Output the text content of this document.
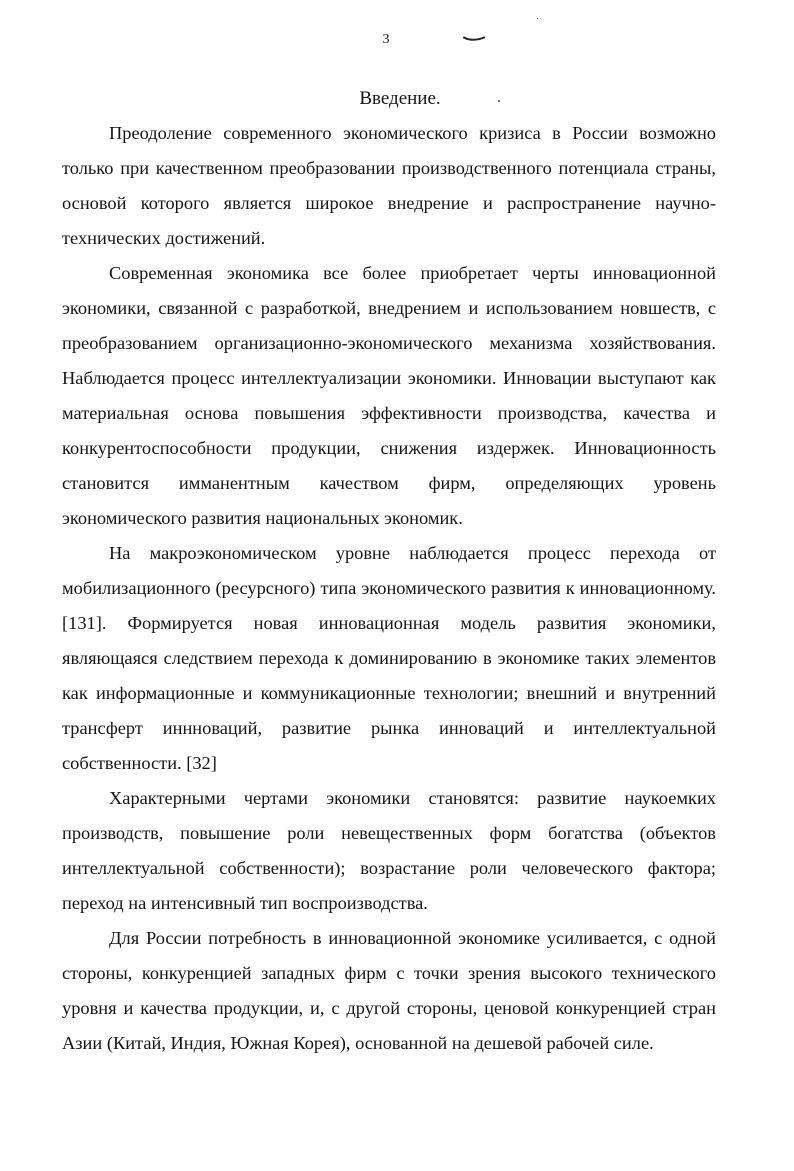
3
Введение.

Преодоление современного экономического кризиса в России возможно только при качественном преобразовании производственного потенциала страны, основой которого является широкое внедрение и распространение научно-технических достижений.

Современная экономика все более приобретает черты инновационной экономики, связанной с разработкой, внедрением и использованием новшеств, с преобразованием организационно-экономического механизма хозяйствования. Наблюдается процесс интеллектуализации экономики. Инновации выступают как материальная основа повышения эффективности производства, качества и конкурентоспособности продукции, снижения издержек. Инновационность становится имманентным качеством фирм, определяющих уровень экономического развития национальных экономик.

На макроэкономическом уровне наблюдается процесс перехода от мобилизационного (ресурсного) типа экономического развития к инновационному.[131]. Формируется новая инновационная модель развития экономики, являющаяся следствием перехода к доминированию в экономике таких элементов как информационные и коммуникационные технологии; внешний и внутренний трансферт иннноваций, развитие рынка инноваций и интеллектуальной собственности. [32]

Характерными чертами экономики становятся: развитие наукоемких производств, повышение роли невещественных форм богатства (объектов интеллектуальной собственности); возрастание роли человеческого фактора; переход на интенсивный тип воспроизводства.

Для России потребность в инновационной экономике усиливается, с одной стороны, конкуренцией западных фирм с точки зрения высокого технического уровня и качества продукции, и, с другой стороны, ценовой конкуренцией стран Азии (Китай, Индия, Южная Корея), основанной на дешевой рабочей силе.
